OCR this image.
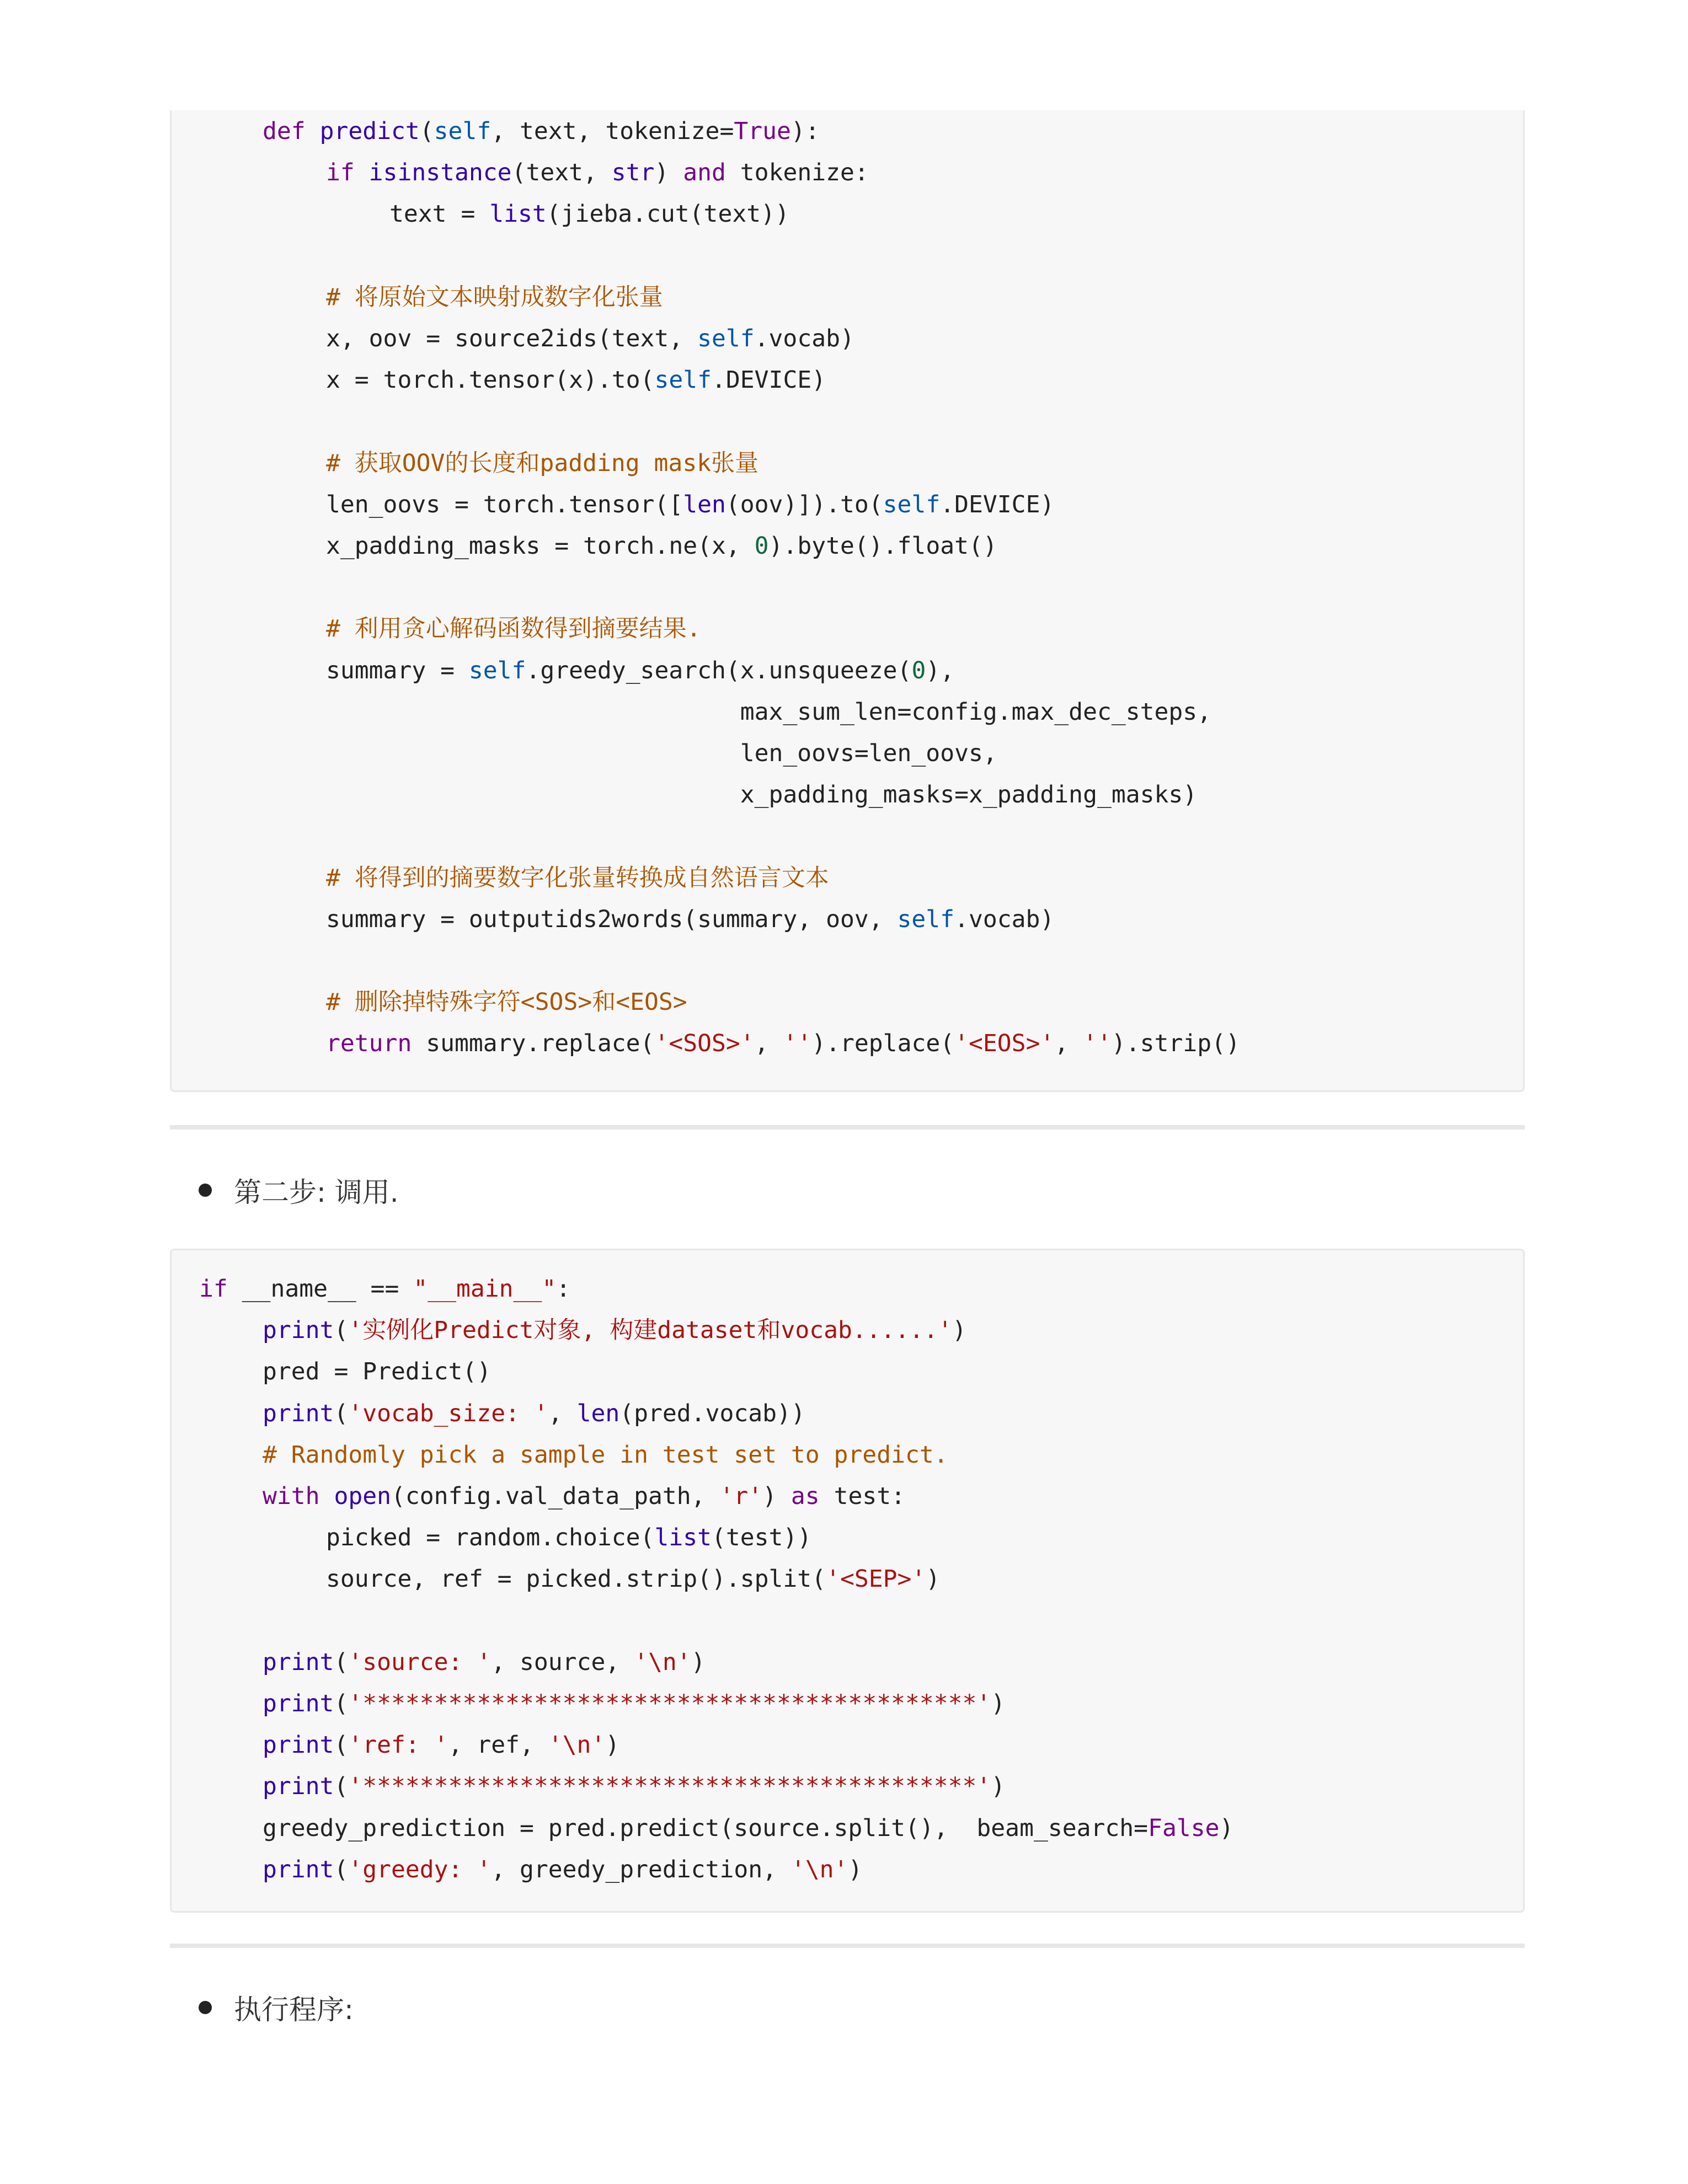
def predict(self, text, tokenize=True):
if isinstance(text, str) and tokenize:
text = list(jieba.cut(text))
# 将原始文本映射成数字化张量
x, oov = source2ids(text, self.vocab)
x = torch.tensor(x).to(self.DEVICE)
# 获取OOV的长度和padding mask张量
len_oovs = torch.tensor([len(oov)]).to(self.DEVICE)
x_padding_masks = torch.ne(x, 0).byte().float()
# 利用贪心解码函数得到摘要结果.
summary = self.greedy_search(x.unsqueeze(0),
max_sum_len=config.max_dec_steps,
len_oovs=len_oovs,
x_padding_masks=x_padding_masks)
# 将得到的摘要数字化张量转换成自然语言文本
summary = outputids2words(summary, oov, self.vocab)
# 删除掉特殊字符<SOS>和<EOS>
return summary.replace('<SOS>', '').replace('<EOS>', '').strip()
第二步: 调用.
if __name__ == "__main__":
print('实例化Predict对象, 构建dataset和vocab......')
pred = Predict()
print('vocab_size: ', len(pred.vocab))
# Randomly pick a sample in test set to predict.
with open(config.val_data_path, 'r') as test:
picked = random.choice(list(test))
source, ref = picked.strip().split('<SEP>')
print('source: ', source, '\n')
print('*******************************************')
print('ref: ', ref, '\n')
print('*******************************************')
greedy_prediction = pred.predict(source.split(),  beam_search=False)
print('greedy: ', greedy_prediction, '\n')
执行程序:
